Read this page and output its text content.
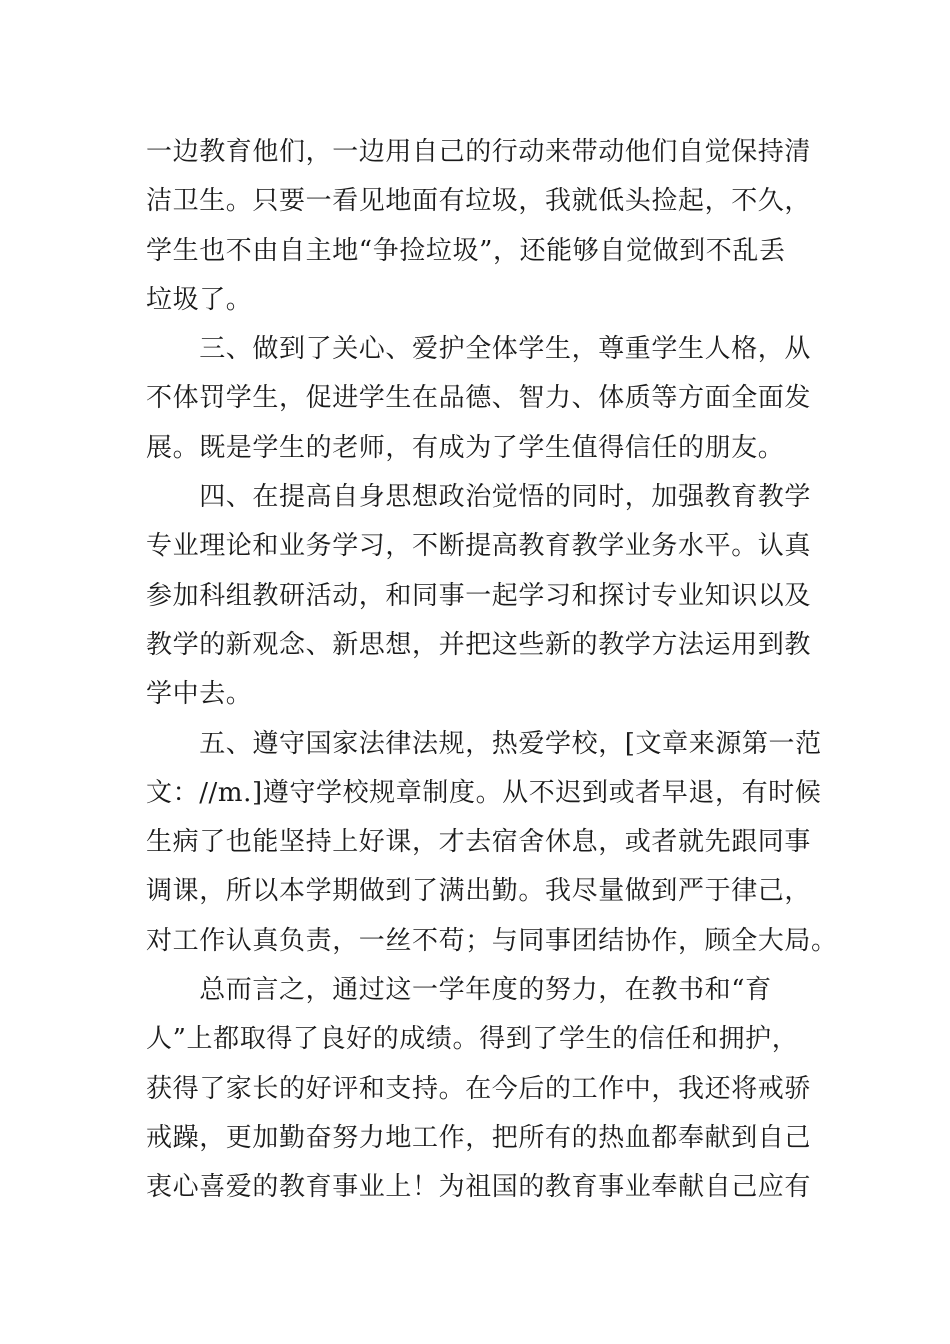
一边教育他们，一边用自己的行动来带动他们自觉保持清
洁卫生。只要一看见地面有垃圾，我就低头捡起，不久，
学生也不由自主地“争捡垃圾”，还能够自觉做到不乱丢
垃圾了。
　　三、做到了关心、爱护全体学生，尊重学生人格，从
不体罚学生，促进学生在品德、智力、体质等方面全面发
展。既是学生的老师，有成为了学生值得信任的朋友。
　　四、在提高自身思想政治觉悟的同时，加强教育教学
专业理论和业务学习，不断提高教育教学业务水平。认真
参加科组教研活动，和同事一起学习和探讨专业知识以及
教学的新观念、新思想，并把这些新的教学方法运用到教
学中去。
　　五、遵守国家法律法规，热爱学校，[文章来源第一范
文：//m.]遵守学校规章制度。从不迟到或者早退，有时候
生病了也能坚持上好课，才去宿舍休息，或者就先跟同事
调课，所以本学期做到了满出勤。我尽量做到严于律己，
对工作认真负责，一丝不苟；与同事团结协作，顾全大局。
　　总而言之，通过这一学年度的努力，在教书和“育
人”上都取得了良好的成绩。得到了学生的信任和拥护，
获得了家长的好评和支持。在今后的工作中，我还将戒骄
戒躁，更加勤奋努力地工作，把所有的热血都奉献到自己
衷心喜爱的教育事业上！为祖国的教育事业奉献自己应有
